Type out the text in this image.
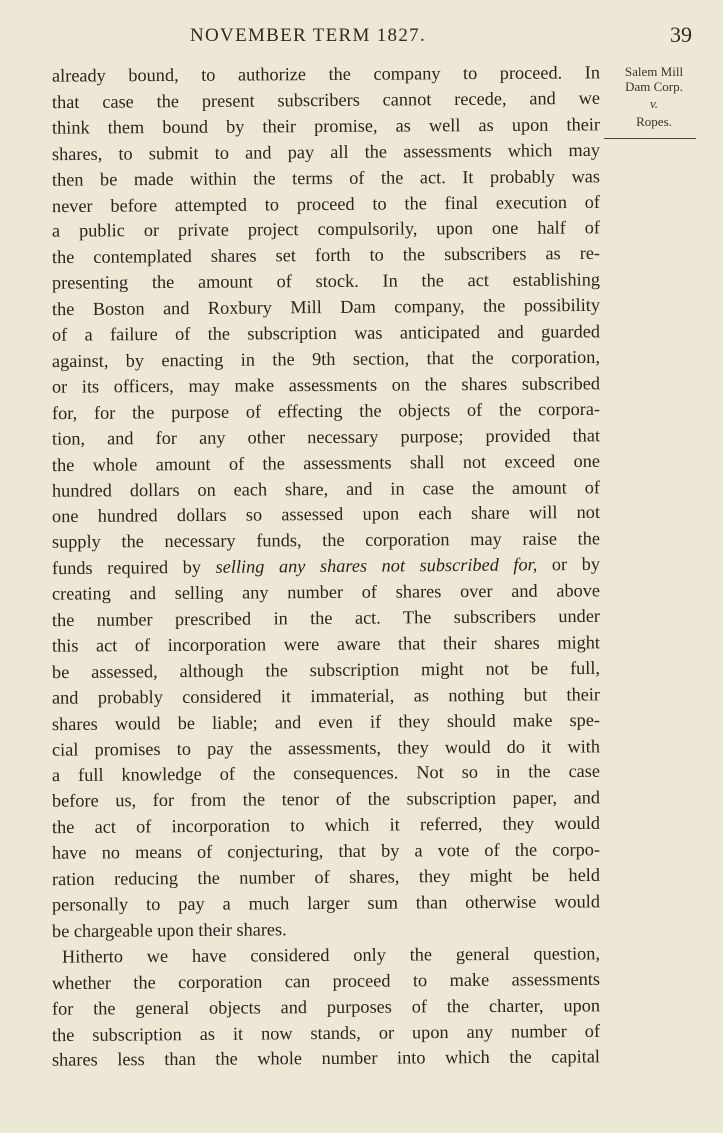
NOVEMBER TERM 1827.	39
Salem Mill
Dam Corp.
v.
Ropes.
already bound, to authorize the company to proceed. In
that case the present subscribers cannot recede, and we
think them bound by their promise, as well as upon their
shares, to submit to and pay all the assessments which may
then be made within the terms of the act. It probably was
never before attempted to proceed to the final execution of
a public or private project compulsorily, upon one half of
the contemplated shares set forth to the subscribers as re-
presenting the amount of stock. In the act establishing
the Boston and Roxbury Mill Dam company, the possibility
of a failure of the subscription was anticipated and guarded
against, by enacting in the 9th section, that the corporation,
or its officers, may make assessments on the shares subscribed
for, for the purpose of effecting the objects of the corpora-
tion, and for any other necessary purpose; provided that
the whole amount of the assessments shall not exceed one
hundred dollars on each share, and in case the amount of
one hundred dollars so assessed upon each share will not
supply the necessary funds, the corporation may raise the
funds required by selling any shares not subscribed for, or by
creating and selling any number of shares over and above
the number prescribed in the act. The subscribers under
this act of incorporation were aware that their shares might
be assessed, although the subscription might not be full,
and probably considered it immaterial, as nothing but their
shares would be liable; and even if they should make spe-
cial promises to pay the assessments, they would do it with
a full knowledge of the consequences. Not so in the case
before us, for from the tenor of the subscription paper, and
the act of incorporation to which it referred, they would
have no means of conjecturing, that by a vote of the corpo-
ration reducing the number of shares, they might be held
personally to pay a much larger sum than otherwise would
be chargeable upon their shares.
Hitherto we have considered only the general question,
whether the corporation can proceed to make assessments
for the general objects and purposes of the charter, upon
the subscription as it now stands, or upon any number of
shares less than the whole number into which the capital
